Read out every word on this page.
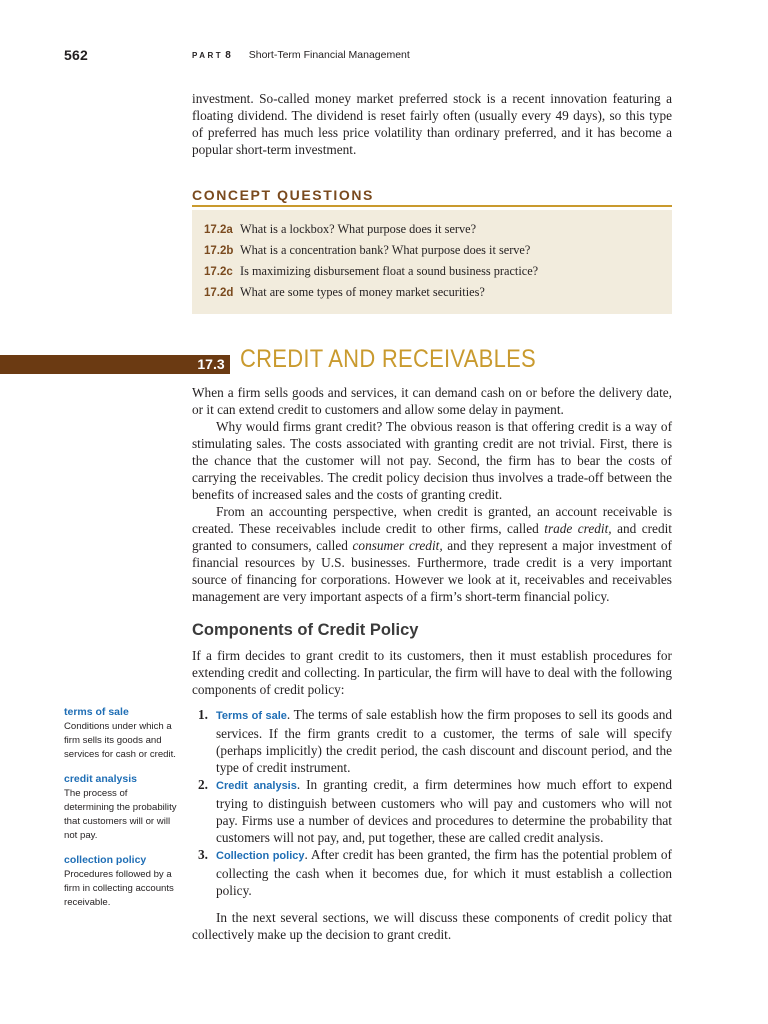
562	PART 8 Short-Term Financial Management

investment. So-called money market preferred stock is a recent innovation featuring a floating dividend. The dividend is reset fairly often (usually every 49 days), so this type of preferred has much less price volatility than ordinary preferred, and it has become a popular short-term investment.

CONCEPT QUESTIONS
17.2a What is a lockbox? What purpose does it serve?
17.2b What is a concentration bank? What purpose does it serve?
17.2c Is maximizing disbursement float a sound business practice?
17.2d What are some types of money market securities?
17.3 CREDIT AND RECEIVABLES

When a firm sells goods and services, it can demand cash on or before the delivery date, or it can extend credit to customers and allow some delay in payment.

Why would firms grant credit? The obvious reason is that offering credit is a way of stimulating sales. The costs associated with granting credit are not trivial. First, there is the chance that the customer will not pay. Second, the firm has to bear the costs of carrying the receivables. The credit policy decision thus involves a trade-off between the benefits of increased sales and the costs of granting credit.

From an accounting perspective, when credit is granted, an account receivable is created. These receivables include credit to other firms, called trade credit, and credit granted to consumers, called consumer credit, and they represent a major investment of financial resources by U.S. businesses. Furthermore, trade credit is a very important source of financing for corporations. However we look at it, receivables and receivables management are very important aspects of a firm’s short-term financial policy.

Components of Credit Policy

If a firm decides to grant credit to its customers, then it must establish procedures for extending credit and collecting. In particular, the firm will have to deal with the following components of credit policy:

terms of sale
Conditions under which a firm sells its goods and services for cash or credit.
credit analysis
The process of determining the probability that customers will or will not pay.
collection policy
Procedures followed by a firm in collecting accounts receivable.
1. Terms of sale. The terms of sale establish how the firm proposes to sell its goods and services. If the firm grants credit to a customer, the terms of sale will specify (perhaps implicitly) the credit period, the cash discount and discount period, and the type of credit instrument.
2. Credit analysis. In granting credit, a firm determines how much effort to expend trying to distinguish between customers who will pay and customers who will not pay. Firms use a number of devices and procedures to determine the probability that customers will not pay, and, put together, these are called credit analysis.
3. Collection policy. After credit has been granted, the firm has the potential problem of collecting the cash when it becomes due, for which it must establish a collection policy.

In the next several sections, we will discuss these components of credit policy that collectively make up the decision to grant credit.
